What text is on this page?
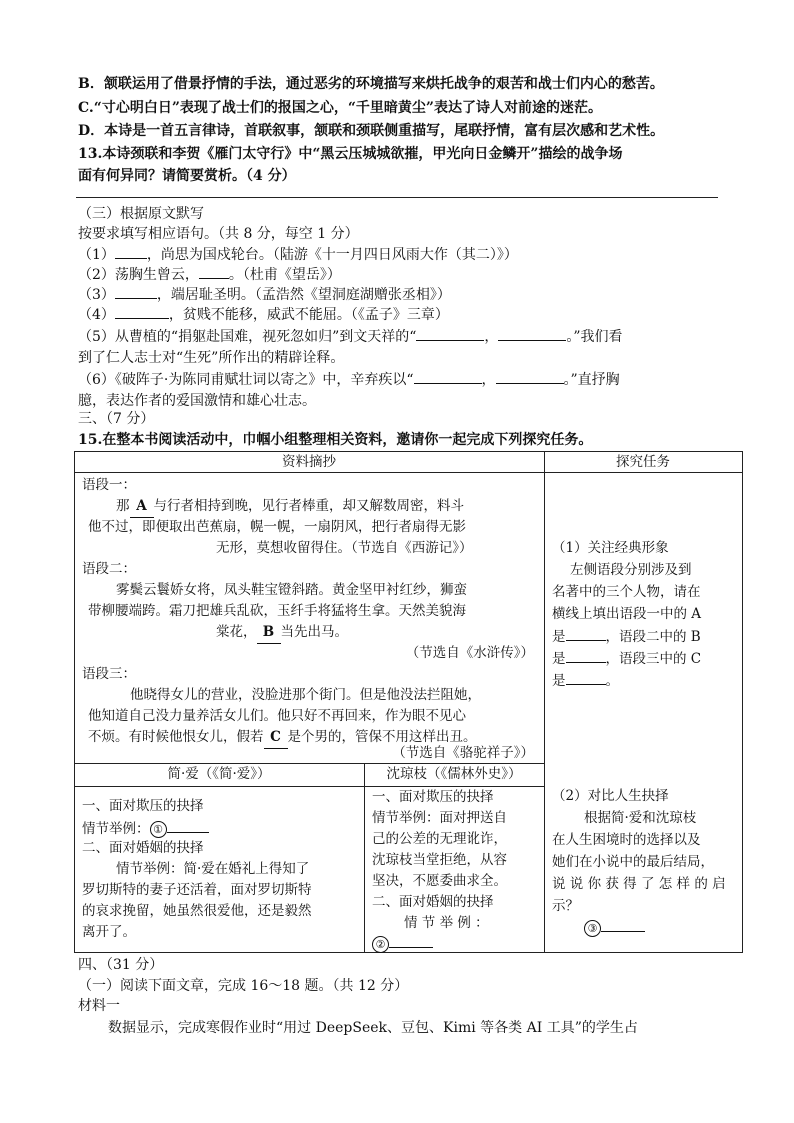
B．颔联运用了借景抒情的手法，通过恶劣的环境描写来烘托战争的艰苦和战士们内心的愁苦。
C.“寸心明白日”表现了战士们的报国之心，“千里暗黄尘”表达了诗人对前途的迷茫。
D．本诗是一首五言律诗，首联叙事，颔联和颈联侧重描写，尾联抒情，富有层次感和艺术性。
13.本诗颈联和李贺《雁门太守行》中“黑云压城城欲摧，甲光向日金鳞开”描绘的战争场
面有何异同？请简要赏析。（4 分）
（三）根据原文默写
按要求填写相应语句。（共 8 分，每空 1 分）
（1） ，尚思为国戍轮台。（陆游《十一月四日风雨大作（其二）》）
（2）荡胸生曾云， 。（杜甫《望岳》）
（3）	，端居耻圣明。（孟浩然《望洞庭湖赠张丞相》）
（4）	，贫贱不能移，威武不能屈。（《孟子》三章）
（5）从曹植的“捐躯赴国难，视死忽如归”到文天祥的“	，	。”我们看
到了仁人志士对“生死”所作出的精辟诠释。
（6）《破阵子·为陈同甫赋壮词以寄之》中，辛弃疾以“	，	。”直抒胸
臆，表达作者的爱国激情和雄心壮志。
三、（7 分）
15.在整本书阅读活动中，巾帼小组整理相关资料，邀请你一起完成下列探究任务。
资料摘抄	探究任务
语段一：
那 A 与行者相持到晚，见行者棒重，却又解数周密，料斗
他不过，即便取出芭蕉扇，幌一幌，一扇阴风，把行者扇得无影
无形，莫想收留得住。（节选自《西游记》）
语段二：
雾鬓云鬟娇女将，凤头鞋宝镫斜踏。黄金坚甲衬红纱，狮蛮
带柳腰端跨。霜刀把雄兵乱砍，玉纤手将猛将生拿。天然美貌海
棠花， B 当先出马。
（节选自《水浒传》）
语段三：
他晓得女儿的营业，没脸进那个街门。但是他没法拦阻她，
他知道自己没力量养活女儿们。他只好不再回来，作为眼不见心
不烦。有时候他恨女儿，假若 C 是个男的，管保不用这样出丑。
（节选自《骆驼祥子》）
（1）关注经典形象
左侧语段分别涉及到
名著中的三个人物，请在
横线上填出语段一中的 A
是	，语段二中的 B
是	，语段三中的 C
是	。
简·爱（《简·爱》）	沈琼枝（《儒林外史》）
一、面对欺压的抉择
情节举例： ①
二、面对婚姻的抉择
情节举例：简·爱在婚礼上得知了
罗切斯特的妻子还活着，面对罗切斯特
的哀求挽留，她虽然很爱他，还是毅然
离开了。
一、面对欺压的抉择
情节举例：面对押送自
己的公差的无理讹诈，
沈琼枝当堂拒绝，从容
坚决，不愿委曲求全。
二、面对婚姻的抉择
情 节 举 例 ：
②
（2）对比人生抉择
根据简·爱和沈琼枝
在人生困境时的选择以及
她们在小说中的最后结局，
说 说 你 获 得 了 怎 样 的 启
示？
③
四、（31 分）
（一）阅读下面文章，完成 16～18 题。（共 12 分）
材料一
数据显示，完成寒假作业时“用过 DeepSeek、豆包、Kimi 等各类 AI 工具”的学生占
